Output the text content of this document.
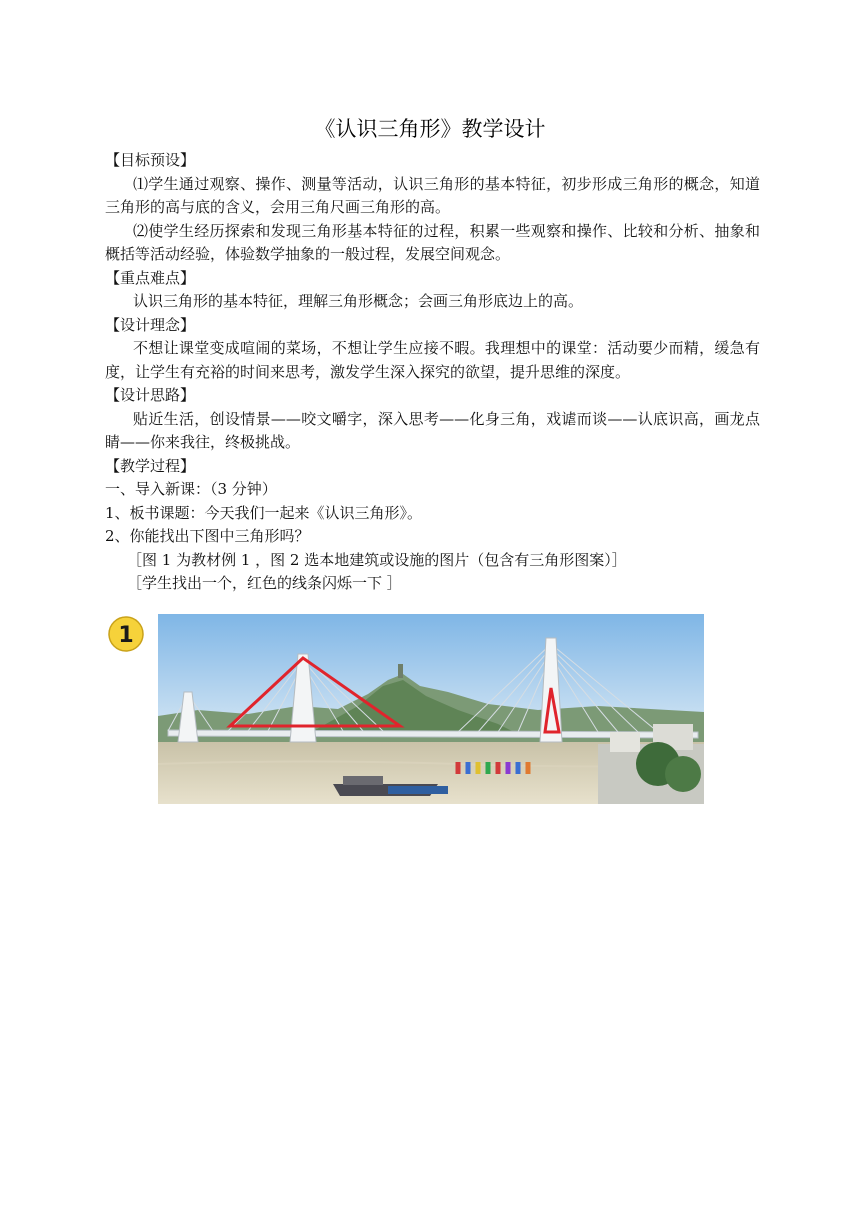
《认识三角形》教学设计

【目标预设】

⑴学生通过观察、操作、测量等活动，认识三角形的基本特征，初步形成三角形的概念，知道三角形的高与底的含义，会用三角尺画三角形的高。

⑵使学生经历探索和发现三角形基本特征的过程，积累一些观察和操作、比较和分析、抽象和概括等活动经验，体验数学抽象的一般过程，发展空间观念。

【重点难点】

认识三角形的基本特征，理解三角形概念；会画三角形底边上的高。

【设计理念】

不想让课堂变成喧闹的菜场，不想让学生应接不暇。我理想中的课堂：活动要少而精，缓急有度，让学生有充裕的时间来思考，激发学生深入探究的欲望，提升思维的深度。

【设计思路】

贴近生活，创设情景——咬文嚼字，深入思考——化身三角，戏谑而谈——认底识高，画龙点睛——你来我往，终极挑战。

【教学过程】

一、导入新课：（3 分钟）

1、板书课题：今天我们一起来《认识三角形》。

2、你能找出下图中三角形吗？

［图 1 为教材例 1 ，图 2 选本地建筑或设施的图片（包含有三角形图案）］

［学生找出一个，红色的线条闪烁一下 ］

1
